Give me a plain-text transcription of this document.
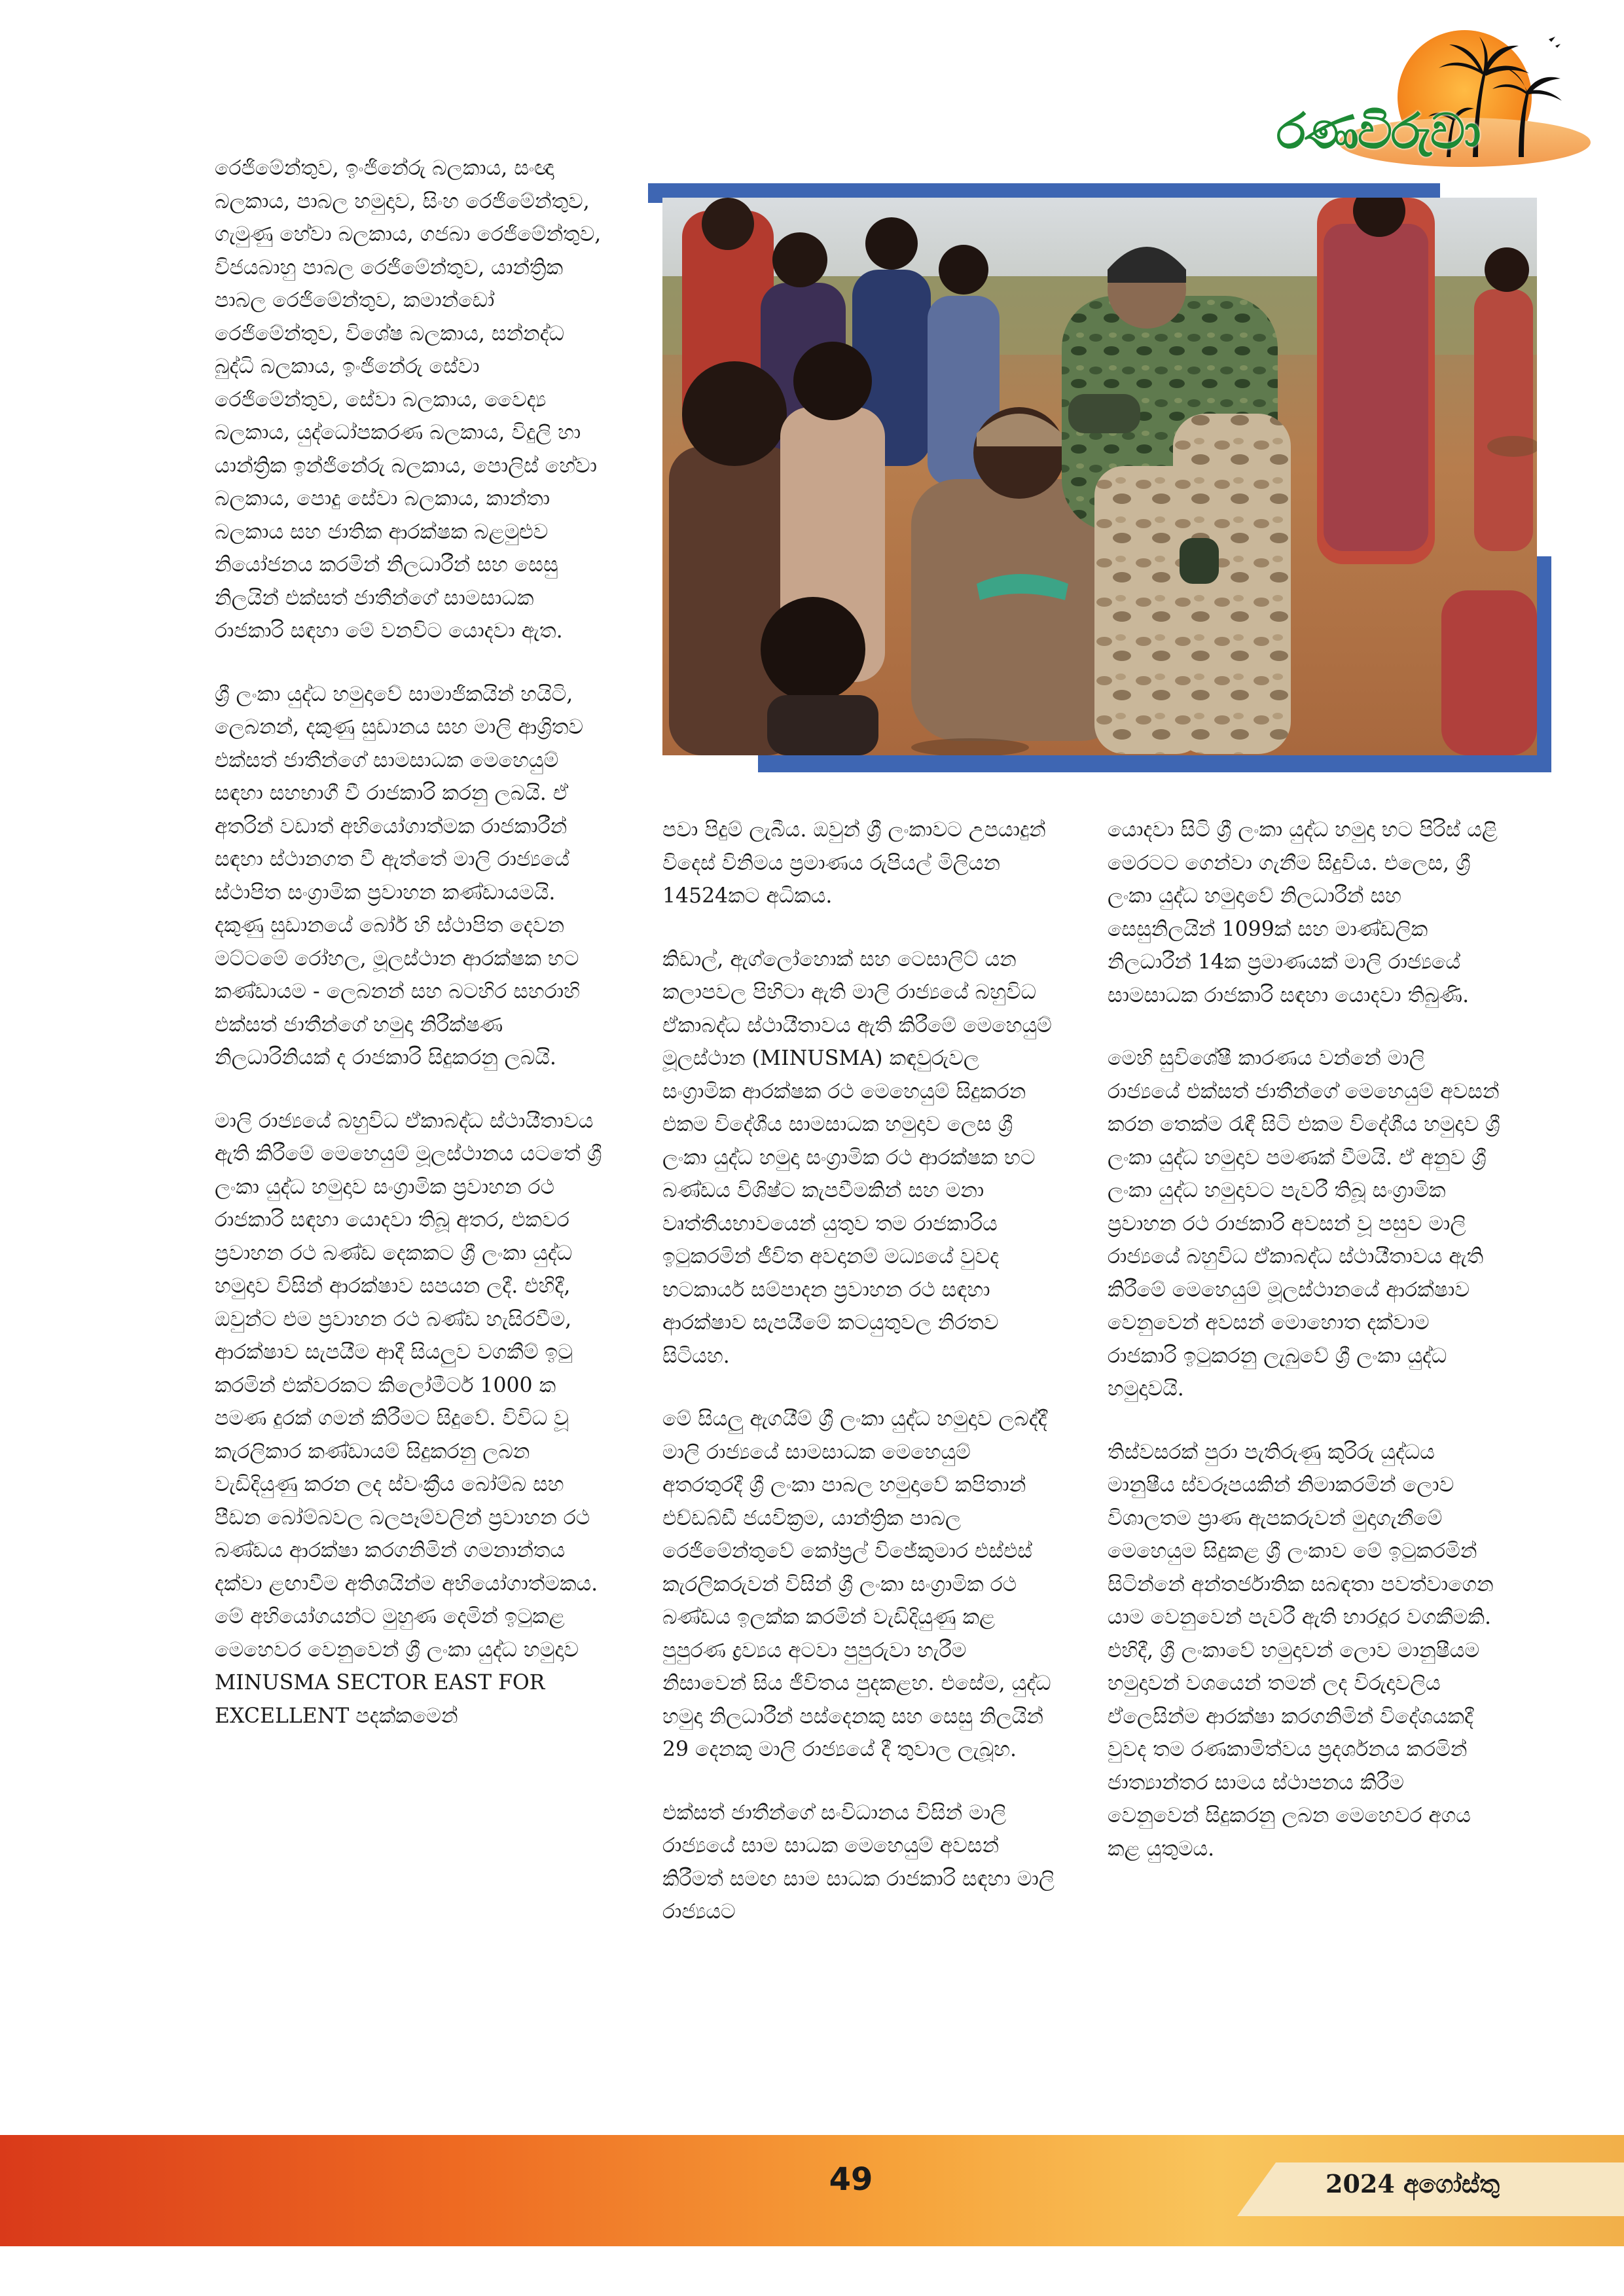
රණවිරුවා

රෙජිමේන්තුව, ඉංජිනේරු බලකාය, සංඥා බලකාය, පාබල හමුදාව, සිංහ රෙජිමේන්තුව, ගැමුණු හේවා බලකාය, ගජබා රෙජිමේන්තුව, විජයබාහු පාබල රෙජිමේන්තුව, යාන්ත්‍රික පාබල රෙජිමේන්තුව, කමාන්ඩෝ රෙජිමේන්තුව, විශේෂ බලකාය, සන්නද්ධ බුද්ධි බලකාය, ඉංජිනේරු සේවා රෙජිමේන්තුව, සේවා බලකාය, වෛද්‍ය බලකාය, යුද්ධෝපකරණ බලකාය, විදුලි හා යාන්ත්‍රික ඉන්ජිනේරු බලකාය, පොලිස් හේවා බලකාය, පොදු සේවා බලකාය, කාන්තා බලකාය සහ ජාතික ආරක්ෂක බළමුළුව නියෝජනය කරමින් නිලධාරීන් සහ සෙසු නිලයින් එක්සත් ජාතීන්ගේ සාමසාධක රාජකාරි සඳහා මේ වනවිට යොදවා ඇත.

ශ්‍රී ලංකා යුද්ධ හමුදාවේ සාමාජිකයින් හයිටි, ලෙබනන්, දකුණු සුඩානය සහ මාලි ආශ්‍රිතව එක්සත් ජාතීන්ගේ සාමසාධක මෙහෙයුම් සඳහා සහභාගී වී රාජකාරි කරනු ලබයි. ඒ අතරින් වඩාත් අභියෝගාත්මක රාජකාරීන් සඳහා ස්ථානගත වී ඇත්තේ මාලි රාජ්‍යයේ ස්ථාපිත සංග්‍රාමික ප්‍රවාහන කණ්ඩායමයි. දකුණු සුඩානයේ බෝර් හි ස්ථාපිත දෙවන මට්ටමේ රෝහල, මූලස්ථාන ආරක්ෂක භට කණ්ඩායම - ලෙබනන් සහ බටහිර සහරාහි එක්සත් ජාතීන්ගේ හමුදා නිරීක්ෂණ නිලධාරිනියක් ද රාජකාරි සිදුකරනු ලබයි.

මාලි රාජ්‍යයේ බහුවිධ ඒකාබද්ධ ස්ථායීතාවය ඇති කිරීමේ මෙහෙයුම් මූලස්ථානය යටතේ ශ්‍රී ලංකා යුද්ධ හමුදාව සංග්‍රාමික ප්‍රවාහන රථ රාජකාරි සඳහා යොදවා තිබූ අතර, එකවර ප්‍රවාහන රථ බණ්ඩ දෙකකට ශ්‍රී ලංකා යුද්ධ හමුදාව විසින් ආරක්ෂාව සපයන ලදී. එහිදී, ඔවුන්ට එම ප්‍රවාහන රථ බණ්ඩ හැසිරවීම, ආරක්ෂාව සැපයීම ආදී සියලුව වගකීම් ඉටු කරමින් එක්වරකට කිලෝමීටර් 1000 ක පමණ දුරක් ගමන් කිරීමට සිදුවේ. විවිධ වූ කැරලිකාර කණ්ඩායම් සිදුකරනු ලබන වැඩිදියුණු කරන ලද ස්වංක්‍රීය බෝම්බ සහ පීඩන බෝම්බවල බලපෑම්වලින් ප්‍රවාහන රථ බණ්ඩය ආරක්ෂා කරගනිමින් ගමනාන්තය දක්වා ළඟාවීම අතිශයින්ම අභියෝගාත්මකය. මේ අභියෝගයන්ට මුහුණ දෙමින් ඉටුකළ මෙහෙවර වෙනුවෙන් ශ්‍රී ලංකා යුද්ධ හමුදාව MINUSMA SECTOR EAST FOR EXCELLENT පදක්කමෙන්

පවා පිදුම් ලැබීය. ඔවුන් ශ්‍රී ලංකාවට උපයාදුන් විදෙස් විනිමය ප්‍රමාණය රුපියල් මිලියන 14524කට අධිකය.

කිඩාල්, ඇග්ලෝහොක් සහ ටෙසාලිට් යන කලාපවල පිහිටා ඇති මාලි රාජ්‍යයේ බහුවිධ ඒකාබද්ධ ස්ථායීතාවය ඇති කිරීමේ මෙහෙයුම් මූලස්ථාන (MINUSMA) කඳවුරුවල සංග්‍රාමික ආරක්ෂක රථ මෙහෙයුම් සිදුකරන එකම විදේශීය සාමසාධක හමුදාව ලෙස ශ්‍රී ලංකා යුද්ධ හමුදා සංග්‍රාමික රථ ආරක්ෂක භට බණ්ඩය විශිෂ්ට කැපවීමකින් සහ මනා වෘත්තීයභාවයෙන් යුතුව තම රාජකාරිය ඉටුකරමින් ජීවිත අවදානම් මධ්‍යයේ වුවද භටකාර්ය සම්පාදන ප්‍රවාහන රථ සඳහා ආරක්ෂාව සැපයීමේ කටයුතුවල නිරතව සිටියහ.

මේ සියලු ඇගයීම් ශ්‍රී ලංකා යුද්ධ හමුදාව ලබද්දී මාලි රාජ්‍යයේ සාමසාධක මෙහෙයුම් අතරතුරදී ශ්‍රී ලංකා පාබල හමුදාවේ කපිතාන් එච්ඩබ්ඩී ජයවික්‍රම, යාන්ත්‍රික පාබල රෙජිමේන්තුවේ කෝප්‍රල් විජේකුමාර එස්එස් කැරලිකරුවන් විසින් ශ්‍රී ලංකා සංග්‍රාමික රථ බණ්ඩය ඉලක්ක කරමින් වැඩිදියුණු කළ පුපුරණ ද්‍රව්‍යය අටවා පුපුරුවා හැරීම නිසාවෙන් සිය ජීවිතය පුදකළහ. එසේම, යුද්ධ හමුදා නිලධාරීන් පස්දෙනකු සහ සෙසු නිලයින් 29 දෙනකු මාලි රාජ්‍යයේ දී තුවාල ලැබූහ.

එක්සත් ජාතීන්ගේ සංවිධානය විසින් මාලි රාජ්‍යයේ සාම සාධක මෙහෙයුම් අවසන් කිරීමත් සමඟ සාම සාධක රාජකාරි සඳහා මාලි රාජ්‍යයට

යොදවා සිටි ශ්‍රී ලංකා යුද්ධ හමුදා භට පිරිස් යළි මෙරටට ගෙන්වා ගැනීම සිදුවිය. එලෙස, ශ්‍රී ලංකා යුද්ධ හමුදාවේ නිලධාරීන් සහ සෙසුනිලයින් 1099ක් සහ මාණ්ඩලික නිලධාරීන් 14ක ප්‍රමාණයක් මාලි රාජ්‍යයේ සාමසාධක රාජකාරි සඳහා යොදවා තිබුණි.

මෙහි සුවිශේෂී කාරණය වන්නේ මාලි රාජ්‍යයේ එක්සත් ජාතීන්ගේ මෙහෙයුම් අවසන් කරන තෙක්ම රැඳී සිටි එකම විදේශීය හමුදාව ශ්‍රී ලංකා යුද්ධ හමුදාව පමණක් වීමයි. ඒ අනුව ශ්‍රී ලංකා යුද්ධ හමුදාවට පැවරී තිබූ සංග්‍රාමික ප්‍රවාහන රථ රාජකාරි අවසන් වූ පසුව මාලි රාජ්‍යයේ බහුවිධ ඒකාබද්ධ ස්ථායීතාවය ඇති කිරීමේ මෙහෙයුම් මූලස්ථානයේ ආරක්ෂාව වෙනුවෙන් අවසන් මොහොත දක්වාම රාජකාරි ඉටුකරනු ලැබුවේ ශ්‍රී ලංකා යුද්ධ හමුදාවයි.

තිස්වසරක් පුරා පැතිරුණු කුරිරු යුද්ධය මානුෂීය ස්වරූපයකින් නිමාකරමින් ලොව විශාලතම ප්‍රාණ ඇපකරුවන් මුදාගැනීමේ මෙහෙයුම සිදුකළ ශ්‍රී ලංකාව මේ ඉටුකරමින් සිටින්නේ අන්තර්ජාතික සබඳතා පවත්වාගෙන යාම වෙනුවෙන් පැවරී ඇති භාරදූර වගකීමකි. එහිදී, ශ්‍රී ලංකාවේ හමුදාවන් ලොව මානුෂීයම හමුදාවන් වශයෙන් තමන් ලද විරුදාවලිය ඒලෙසින්ම ආරක්ෂා කරගනිමින් විදේශයකදී වුවද තම රණකාමිත්වය ප්‍රදර්ශනය කරමින් ජාත්‍යාන්තර සාමය ස්ථාපනය කිරීම වෙනුවෙන් සිදුකරනු ලබන මෙහෙවර අගය කළ යුතුමය.

49	2024 අගෝස්තු
